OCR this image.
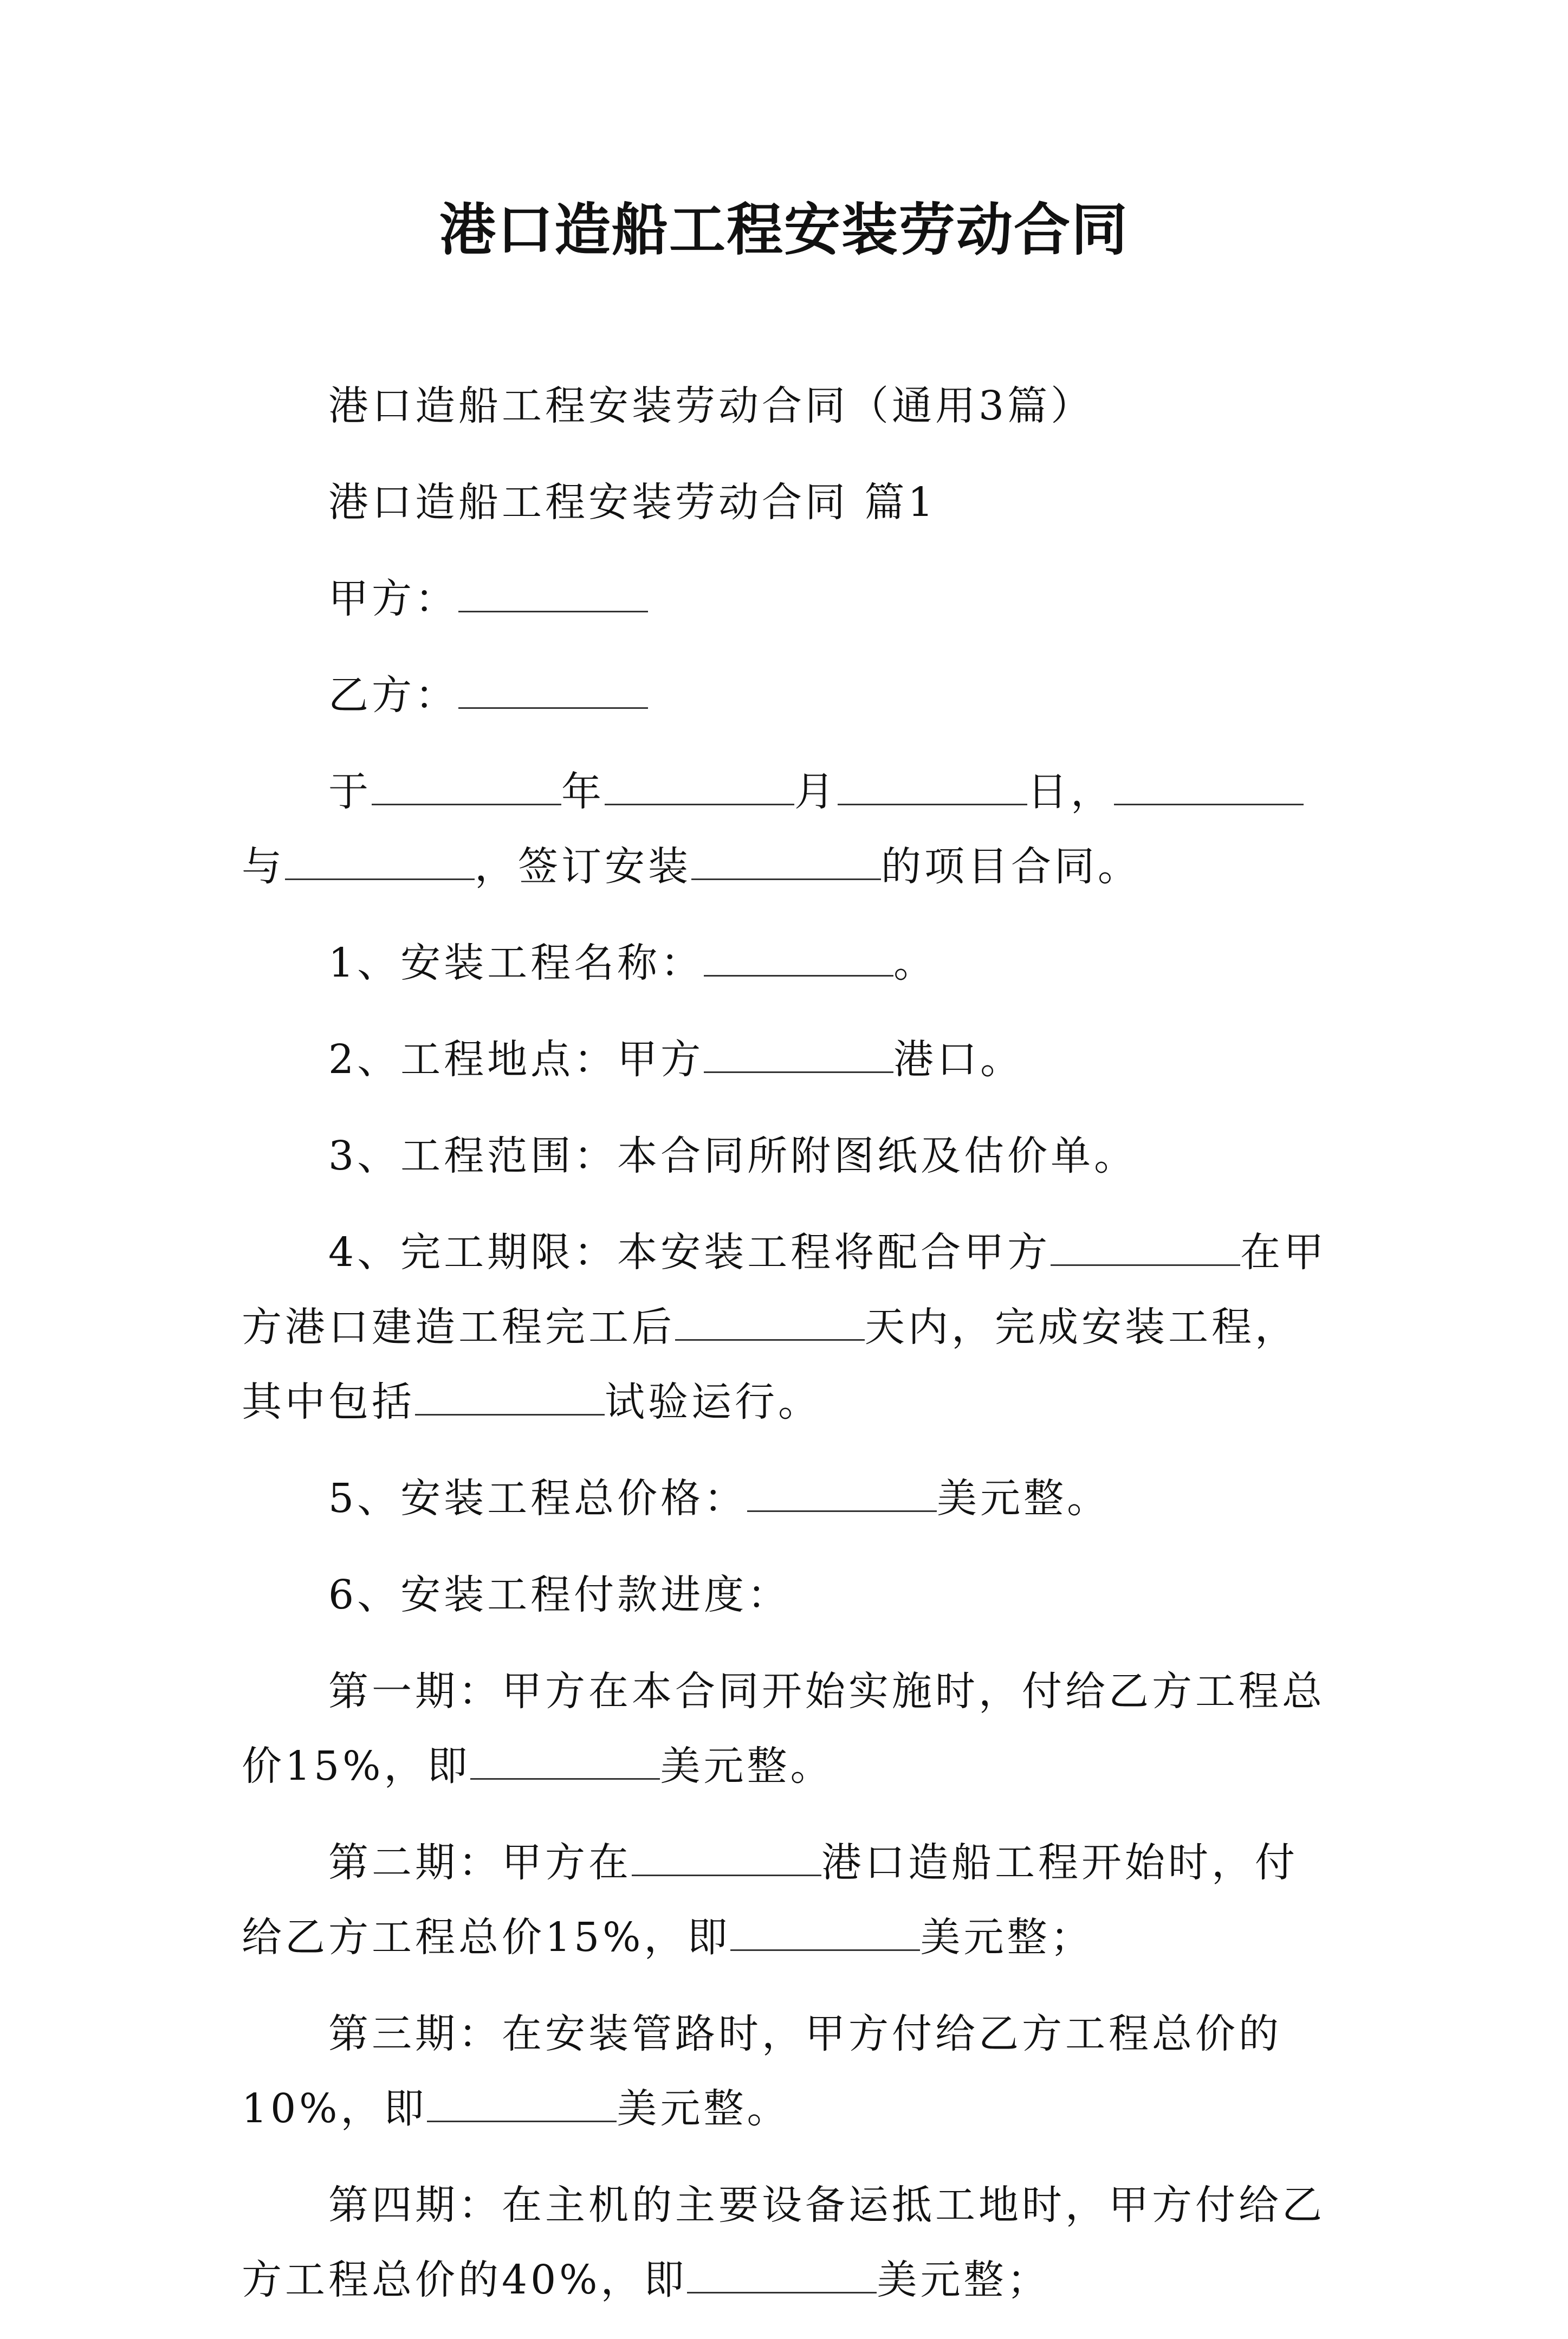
港口造船工程安装劳动合同

港口造船工程安装劳动合同（通用3篇）

港口造船工程安装劳动合同 篇1

甲方：

乙方：

于	年	月	日，与	，签订安装	的项目合同。

1、安装工程名称：	。

2、工程地点：甲方	港口。

3、工程范围：本合同所附图纸及估价单。

4、完工期限：本安装工程将配合甲方	在甲方港口建造工程完工后	天内，完成安装工程，其中包括	试验运行。

5、安装工程总价格：	美元整。

6、安装工程付款进度：

第一期：甲方在本合同开始实施时，付给乙方工程总价15%，即	美元整。

第二期：甲方在	港口造船工程开始时，付给乙方工程总价15%，即	美元整；

第三期：在安装管路时，甲方付给乙方工程总价的10%，即	美元整。

第四期：在主机的主要设备运抵工地时，甲方付给乙方工程总价的40%，即	美元整；
